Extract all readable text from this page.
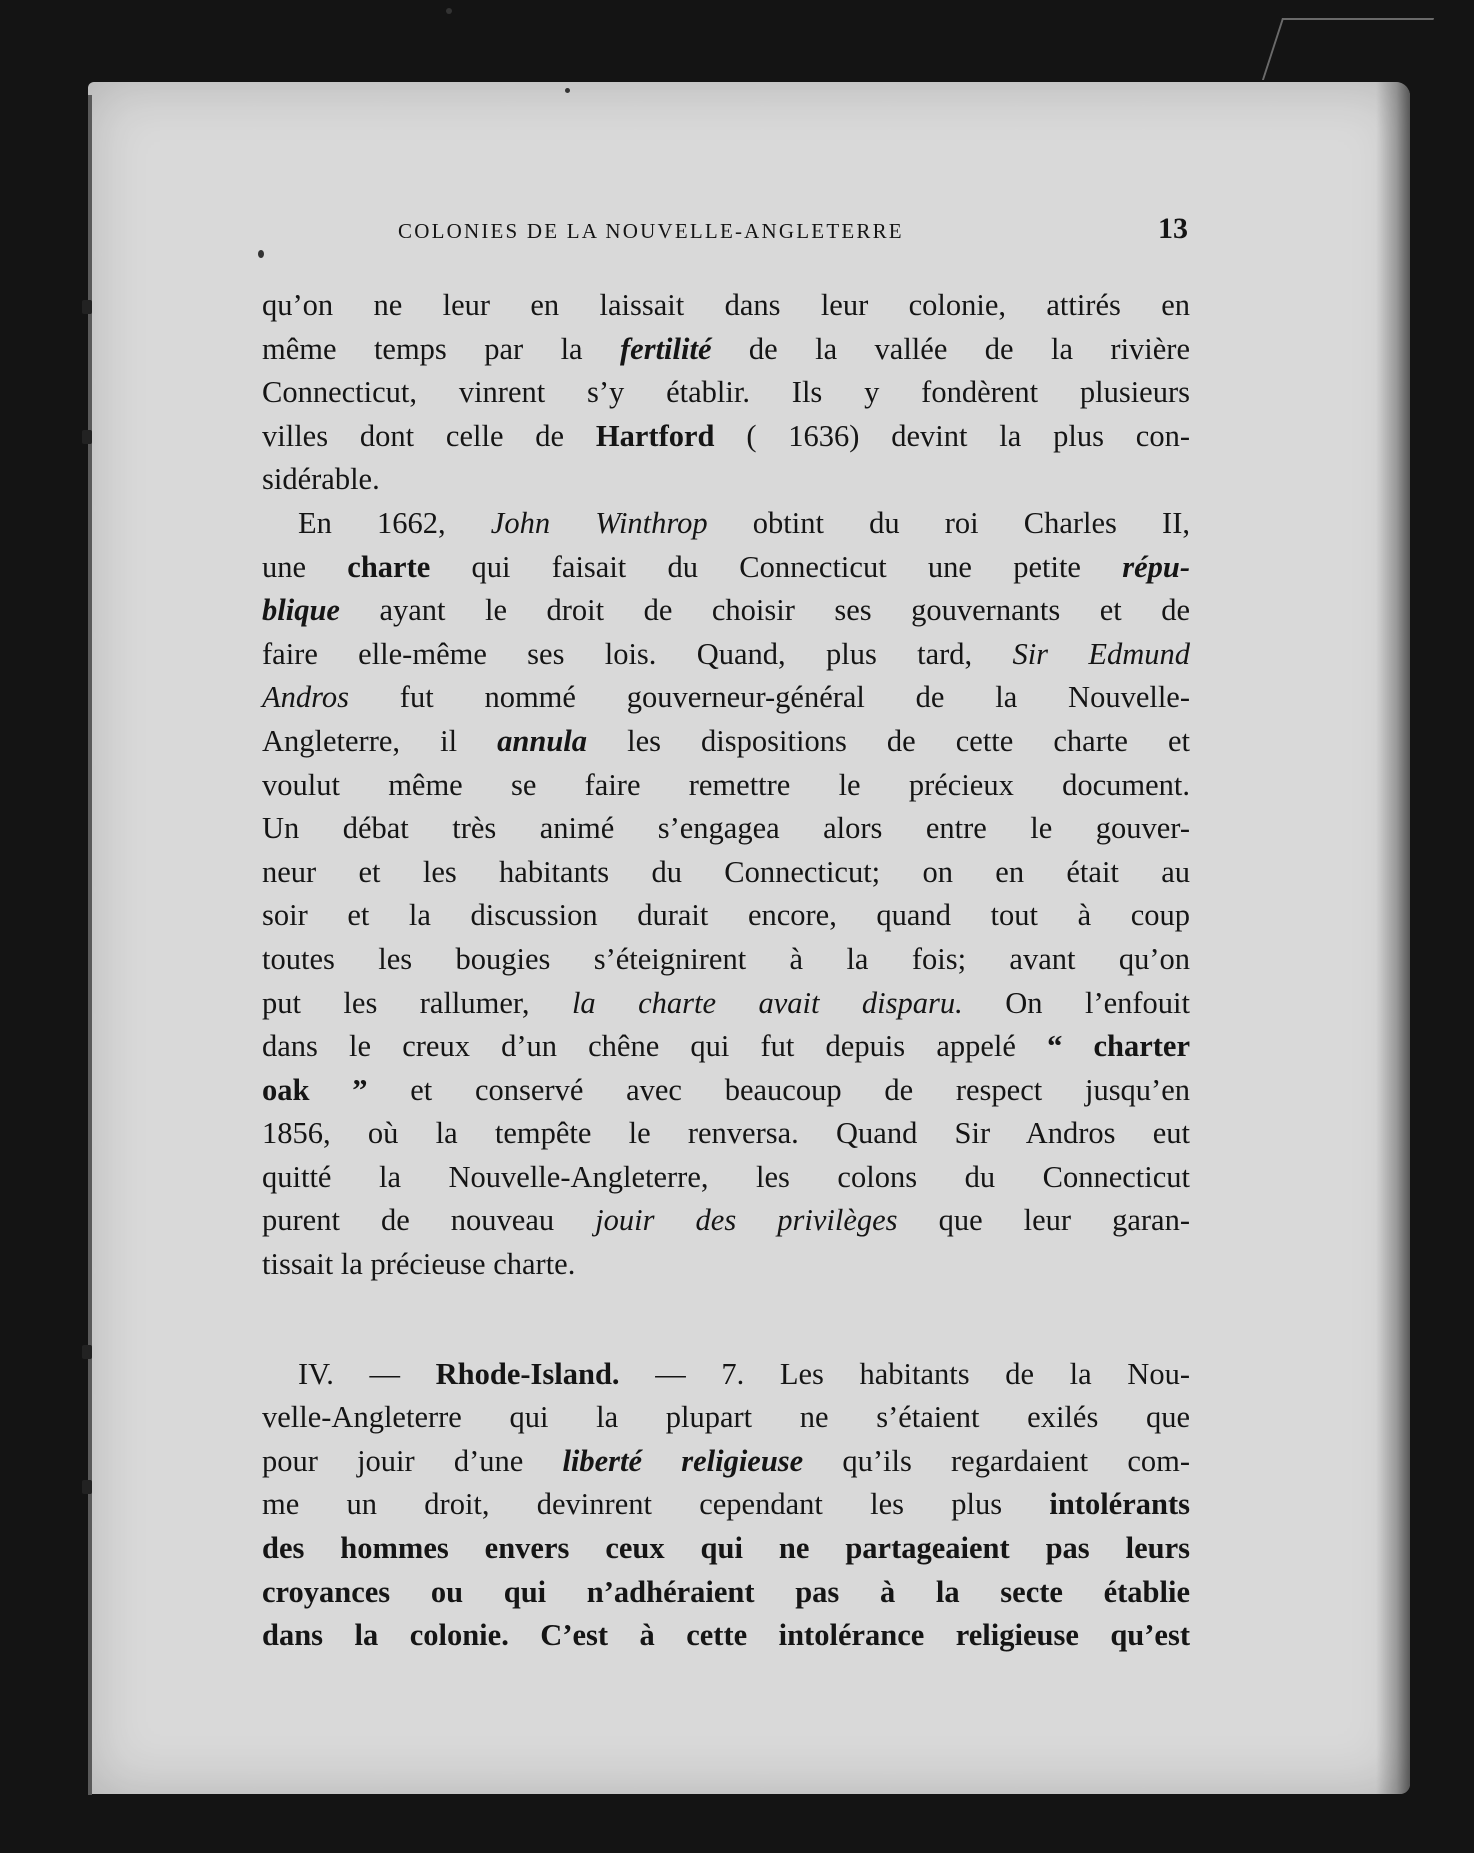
COLONIES DE LA NOUVELLE-ANGLETERRE	13

qu’on ne leur en laissait dans leur colonie, attirés en
même temps par la fertilité de la vallée de la rivière
Connecticut, vinrent s’y établir. Ils y fondèrent plusieurs
villes dont celle de Hartford ( 1636) devint la plus con-
sidérable.

En 1662, John Winthrop obtint du roi Charles II,
une charte qui faisait du Connecticut une petite répu-
blique ayant le droit de choisir ses gouvernants et de
faire elle-même ses lois. Quand, plus tard, Sir Edmund
Andros fut nommé gouverneur-général de la Nouvelle-
Angleterre, il annula les dispositions de cette charte et
voulut même se faire remettre le précieux document.
Un débat très animé s’engagea alors entre le gouver-
neur et les habitants du Connecticut; on en était au
soir et la discussion durait encore, quand tout à coup
toutes les bougies s’éteignirent à la fois; avant qu’on
put les rallumer, la charte avait disparu. On l’enfouit
dans le creux d’un chêne qui fut depuis appelé “ charter
oak ” et conservé avec beaucoup de respect jusqu’en
1856, où la tempête le renversa. Quand Sir Andros eut
quitté la Nouvelle-Angleterre, les colons du Connecticut
purent de nouveau jouir des privilèges que leur garan-
tissait la précieuse charte.

IV. — Rhode-Island. — 7. Les habitants de la Nou-
velle-Angleterre qui la plupart ne s’étaient exilés que
pour jouir d’une liberté religieuse qu’ils regardaient com-
me un droit, devinrent cependant les plus intolérants
des hommes envers ceux qui ne partageaient pas leurs
croyances ou qui n’adhéraient pas à la secte établie
dans la colonie. C’est à cette intolérance religieuse qu’est
